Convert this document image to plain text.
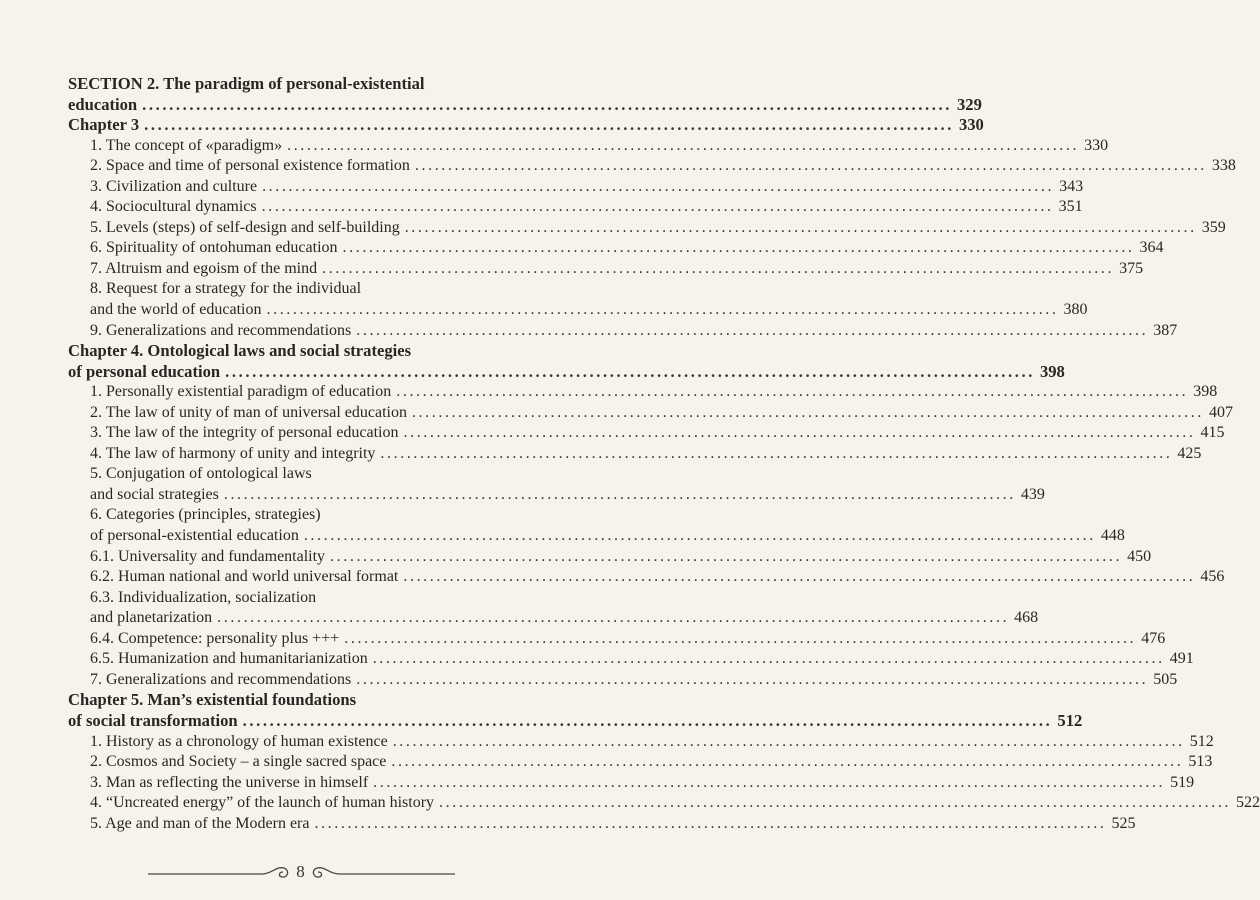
SECTION 2. The paradigm of personal-existential
education ........................................................................................................................ 329
Chapter 3 ........................................................................................................................ 330
1. The concept of «paradigm» ........................................................................................................................ 330
2. Space and time of personal existence formation ........................................................................................................................ 338
3. Civilization and culture ........................................................................................................................ 343
4. Sociocultural dynamics ........................................................................................................................ 351
5. Levels (steps) of self-design and self-building ........................................................................................................................ 359
6. Spirituality of ontohuman education ........................................................................................................................ 364
7. Altruism and egoism of the mind ........................................................................................................................ 375
8. Request for a strategy for the individual
and the world of education ........................................................................................................................ 380
9. Generalizations and recommendations ........................................................................................................................ 387
Chapter 4. Ontological laws and social strategies
of personal education ........................................................................................................................ 398
1. Personally existential paradigm of education ........................................................................................................................ 398
2. The law of unity of man of universal education ........................................................................................................................ 407
3. The law of the integrity of personal education ........................................................................................................................ 415
4. The law of harmony of unity and integrity ........................................................................................................................ 425
5. Conjugation of ontological laws
and social strategies ........................................................................................................................ 439
6. Categories (principles, strategies)
of personal-existential education ........................................................................................................................ 448
6.1. Universality and fundamentality ........................................................................................................................ 450
6.2. Human national and world universal format ........................................................................................................................ 456
6.3. Individualization, socialization
and planetarization ........................................................................................................................ 468
6.4. Competence: personality plus +++ ........................................................................................................................ 476
6.5. Humanization and humanitarianization ........................................................................................................................ 491
7. Generalizations and recommendations ........................................................................................................................ 505
Chapter 5. Man’s existential foundations
of social transformation ........................................................................................................................ 512
1. History as a chronology of human existence ........................................................................................................................ 512
2. Cosmos and Society – a single sacred space ........................................................................................................................ 513
3. Man as reflecting the universe in himself ........................................................................................................................ 519
4. “Uncreated energy” of the launch of human history ........................................................................................................................ 522
5. Age and man of the Modern era ........................................................................................................................ 525
8
